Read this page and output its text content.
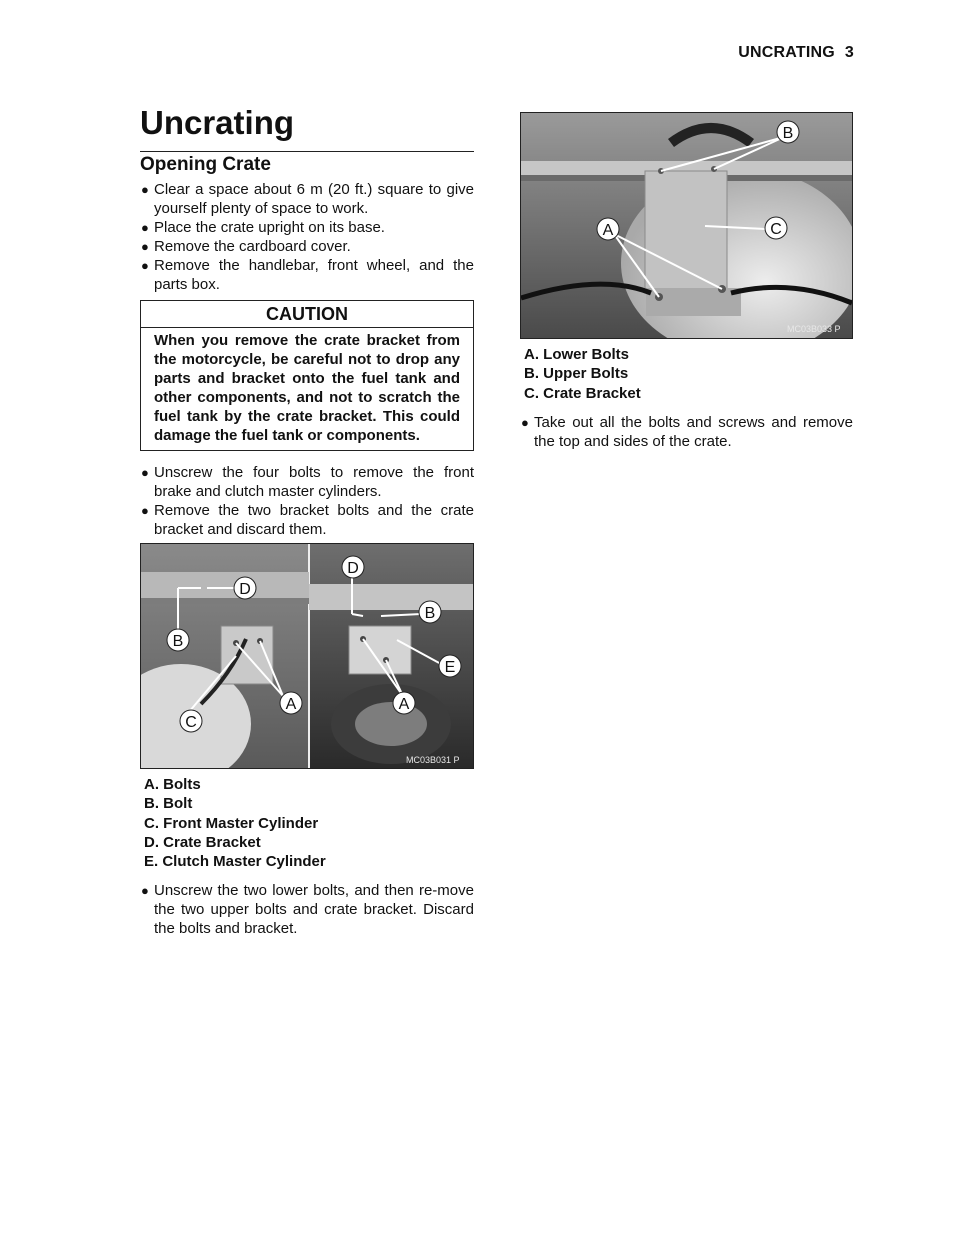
UNCRATING 3
Uncrating
Opening Crate
● Clear a space about 6 m (20 ft.) square to give yourself plenty of space to work.
● Place the crate upright on its base.
● Remove the cardboard cover.
● Remove the handlebar, front wheel, and the parts box.
CAUTION
When you remove the crate bracket from the motorcycle, be careful not to drop any parts and bracket onto the fuel tank and other components, and not to scratch the fuel tank by the crate bracket. This could damage the fuel tank or components.
● Unscrew the four bolts to remove the front brake and clutch master cylinders.
● Remove the two bracket bolts and the crate bracket and discard them.
D
B
A
C
D
B
E
A
MC03B031 P
A. Bolts
B. Bolt
C. Front Master Cylinder
D. Crate Bracket
E. Clutch Master Cylinder
● Unscrew the two lower bolts, and then re-move the two upper bolts and crate bracket. Discard the bolts and bracket.
B
A	C
MC03B033 P
A. Lower Bolts
B. Upper Bolts
C. Crate Bracket
● Take out all the bolts and screws and remove the top and sides of the crate.
